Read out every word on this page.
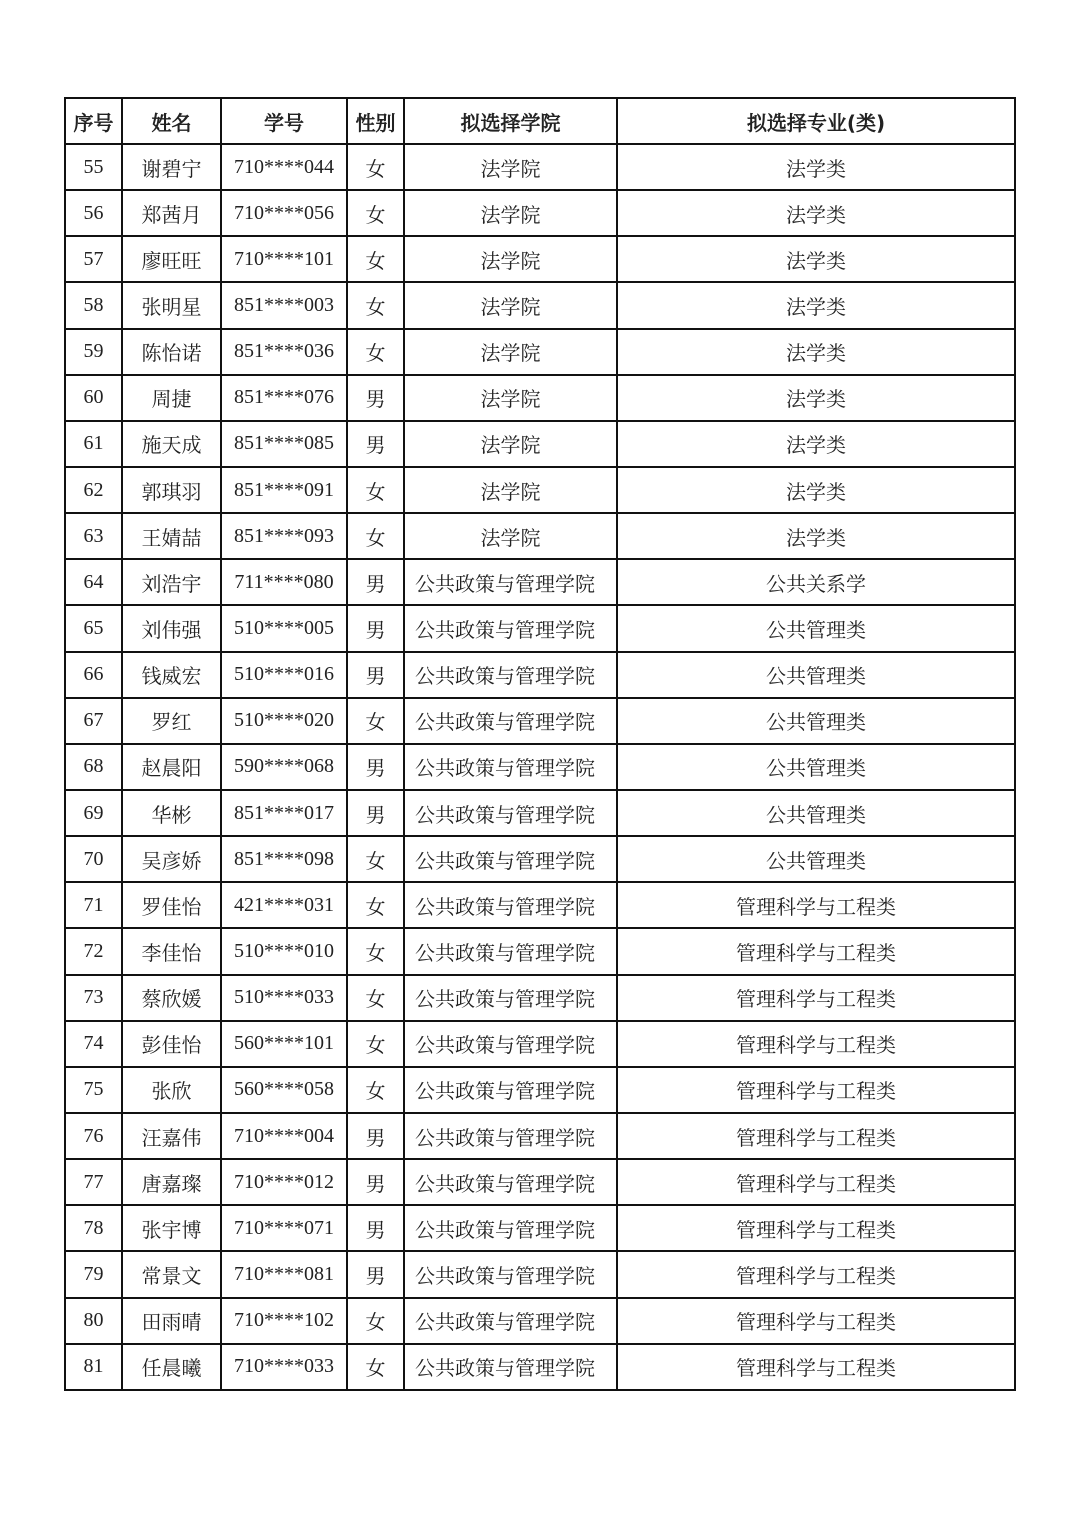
序号	姓名	学号	性别	拟选择学院	拟选择专业(类)
55	谢碧宁	710****044	女	法学院	法学类
56	郑茜月	710****056	女	法学院	法学类
57	廖旺旺	710****101	女	法学院	法学类
58	张明星	851****003	女	法学院	法学类
59	陈怡诺	851****036	女	法学院	法学类
60	周捷	851****076	男	法学院	法学类
61	施天成	851****085	男	法学院	法学类
62	郭琪羽	851****091	女	法学院	法学类
63	王婧喆	851****093	女	法学院	法学类
64	刘浩宇	711****080	男	公共政策与管理学院	公共关系学
65	刘伟强	510****005	男	公共政策与管理学院	公共管理类
66	钱威宏	510****016	男	公共政策与管理学院	公共管理类
67	罗红	510****020	女	公共政策与管理学院	公共管理类
68	赵晨阳	590****068	男	公共政策与管理学院	公共管理类
69	华彬	851****017	男	公共政策与管理学院	公共管理类
70	吴彦娇	851****098	女	公共政策与管理学院	公共管理类
71	罗佳怡	421****031	女	公共政策与管理学院	管理科学与工程类
72	李佳怡	510****010	女	公共政策与管理学院	管理科学与工程类
73	蔡欣媛	510****033	女	公共政策与管理学院	管理科学与工程类
74	彭佳怡	560****101	女	公共政策与管理学院	管理科学与工程类
75	张欣	560****058	女	公共政策与管理学院	管理科学与工程类
76	汪嘉伟	710****004	男	公共政策与管理学院	管理科学与工程类
77	唐嘉璨	710****012	男	公共政策与管理学院	管理科学与工程类
78	张宇博	710****071	男	公共政策与管理学院	管理科学与工程类
79	常景文	710****081	男	公共政策与管理学院	管理科学与工程类
80	田雨晴	710****102	女	公共政策与管理学院	管理科学与工程类
81	任晨曦	710****033	女	公共政策与管理学院	管理科学与工程类
